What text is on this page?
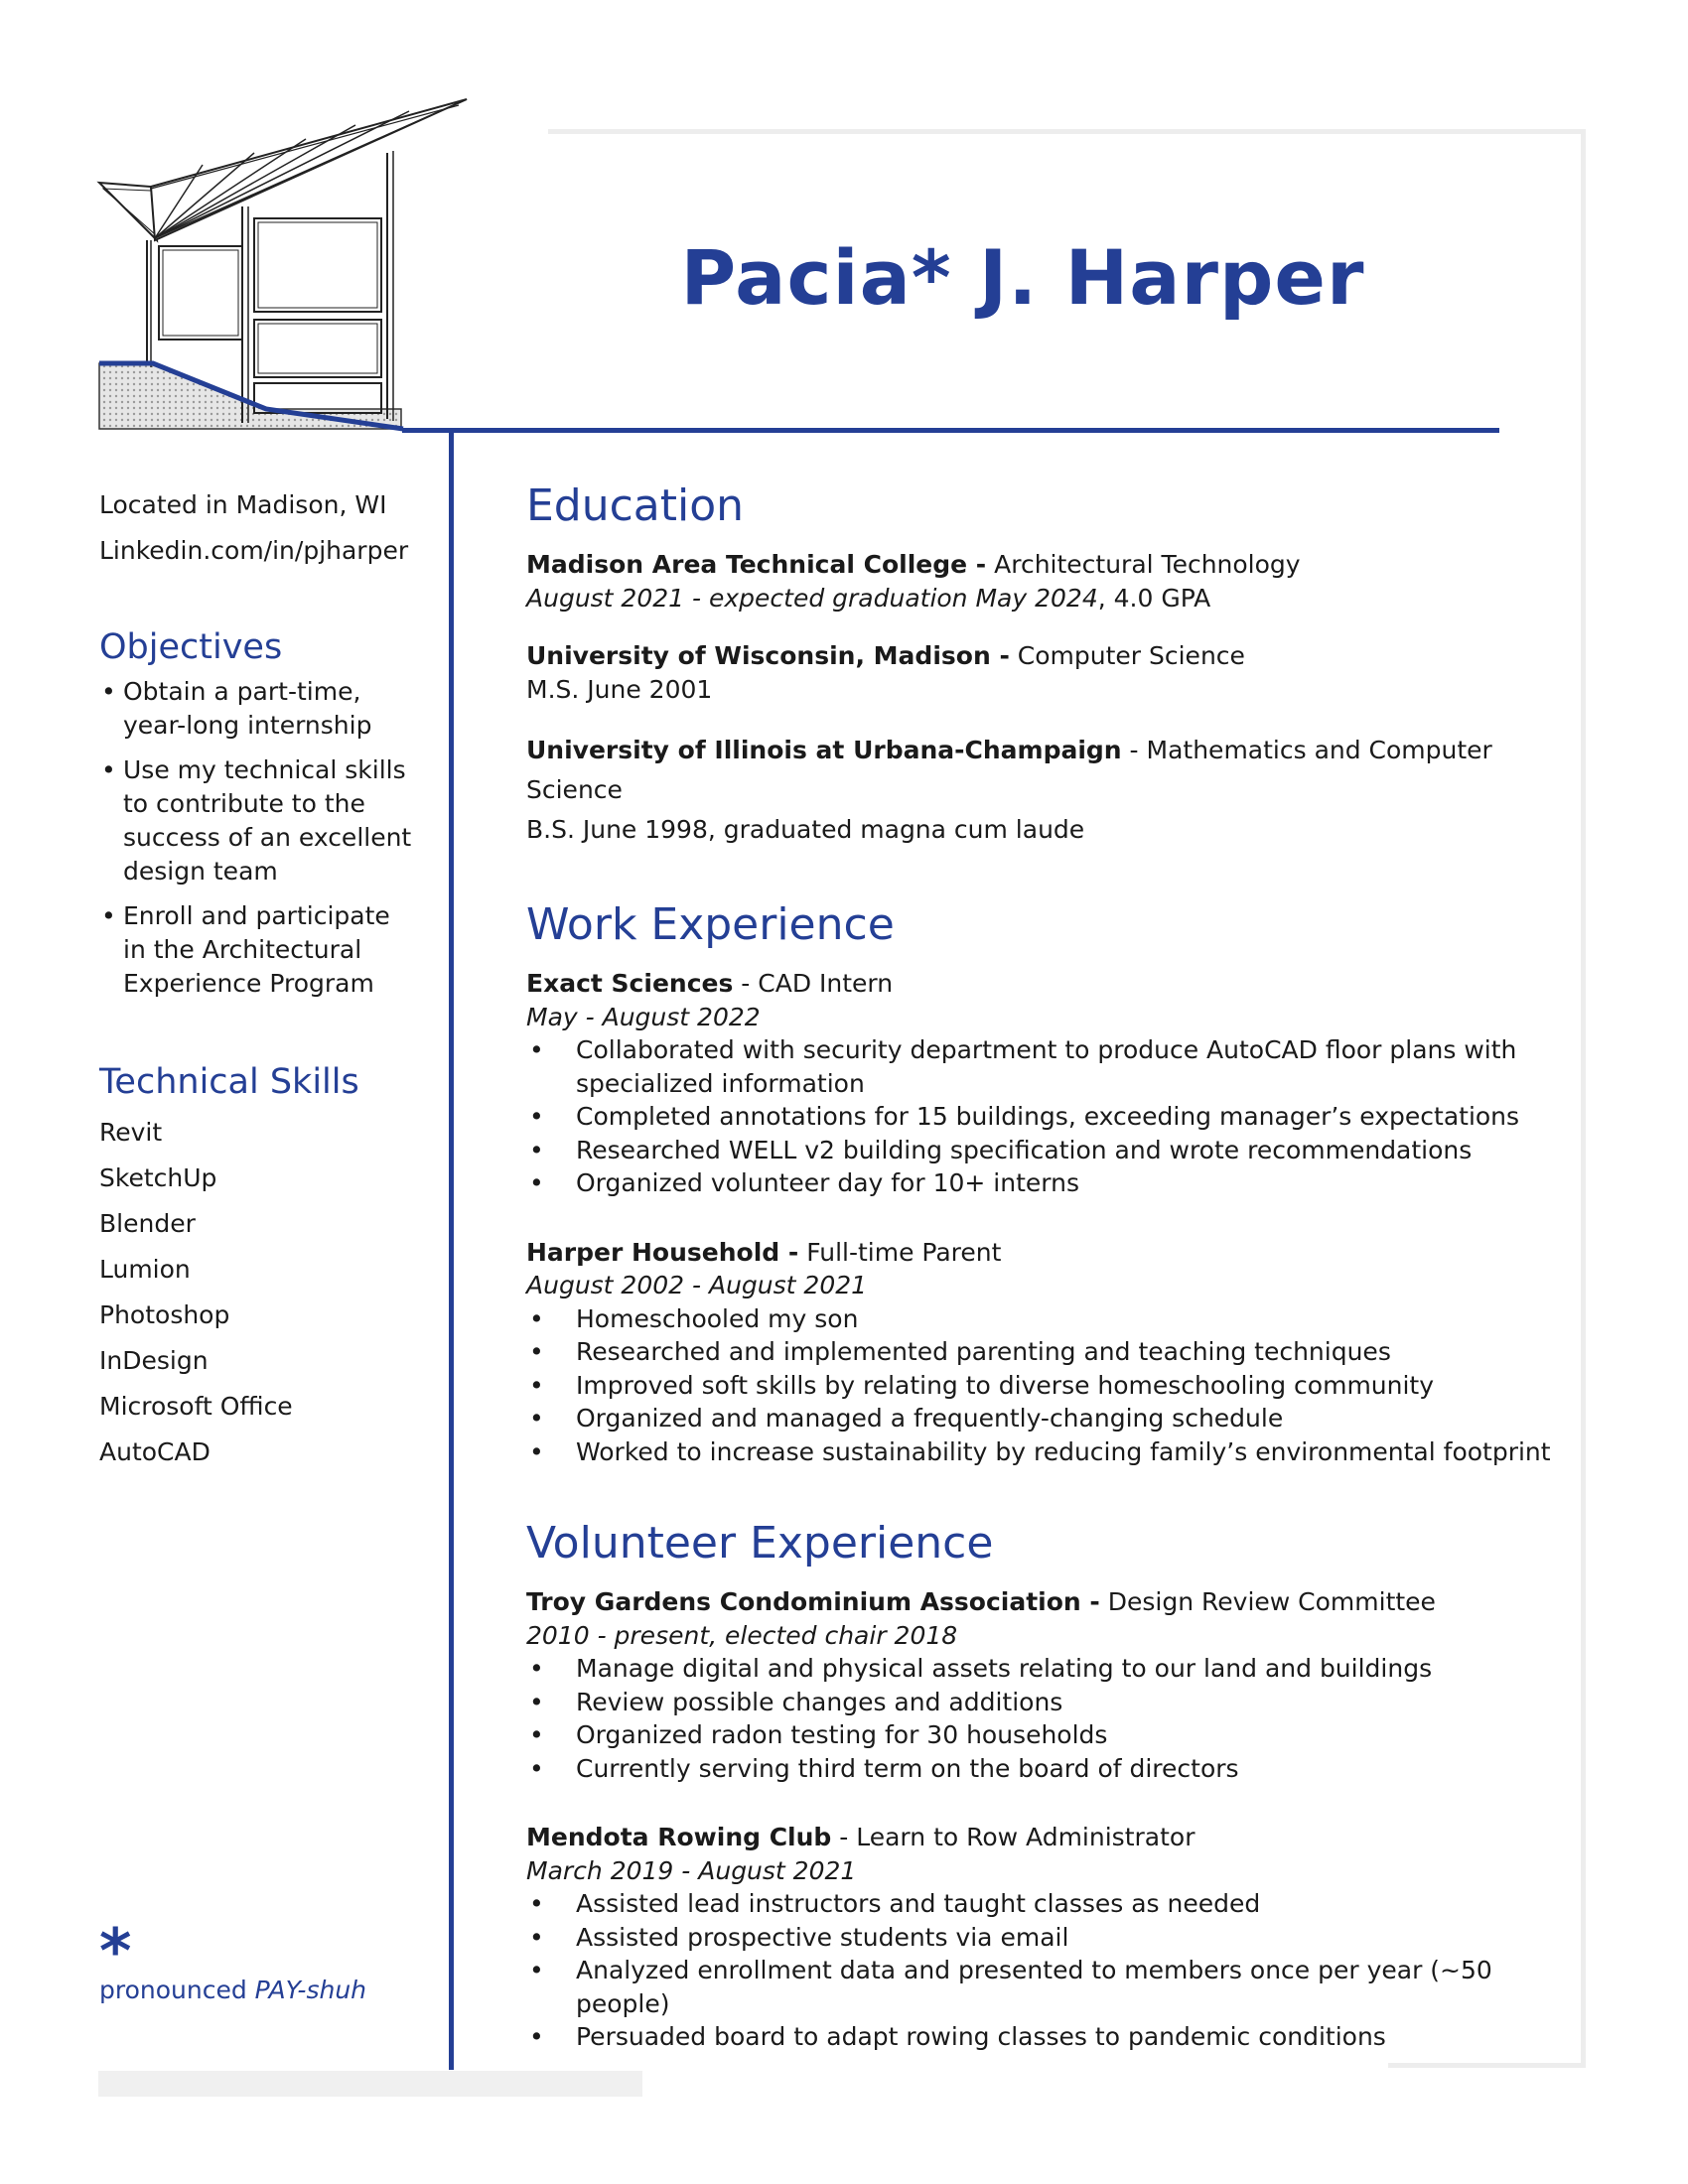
Pacia* J. Harper

Located in Madison, WI

Linkedin.com/in/pjharper

Objectives
• Obtain a part-time, year-long internship
• Use my technical skills to contribute to the success of an excellent design team
• Enroll and participate in the Architectural Experience Program
Technical Skills
Revit
SketchUp
Blender
Lumion
Photoshop
InDesign
Microsoft Office
AutoCAD
*

pronounced PAY-shuh

Education
Madison Area Technical College - Architectural Technology
August 2021 - expected graduation May 2024, 4.0 GPA
University of Wisconsin, Madison - Computer Science
M.S. June 2001
University of Illinois at Urbana-Champaign - Mathematics and Computer Science
B.S. June 1998, graduated magna cum laude
Work Experience
Exact Sciences - CAD Intern
May - August 2022
• Collaborated with security department to produce AutoCAD floor plans with specialized information
• Completed annotations for 15 buildings, exceeding manager’s expectations
• Researched WELL v2 building specification and wrote recommendations
• Organized volunteer day for 10+ interns
Harper Household - Full-time Parent
August 2002 - August 2021
• Homeschooled my son
• Researched and implemented parenting and teaching techniques
• Improved soft skills by relating to diverse homeschooling community
• Organized and managed a frequently-changing schedule
• Worked to increase sustainability by reducing family’s environmental footprint
Volunteer Experience
Troy Gardens Condominium Association - Design Review Committee
2010 - present, elected chair 2018
• Manage digital and physical assets relating to our land and buildings
• Review possible changes and additions
• Organized radon testing for 30 households
• Currently serving third term on the board of directors
Mendota Rowing Club - Learn to Row Administrator
March 2019 - August 2021
• Assisted lead instructors and taught classes as needed
• Assisted prospective students via email
• Analyzed enrollment data and presented to members once per year (~50 people)
• Persuaded board to adapt rowing classes to pandemic conditions
